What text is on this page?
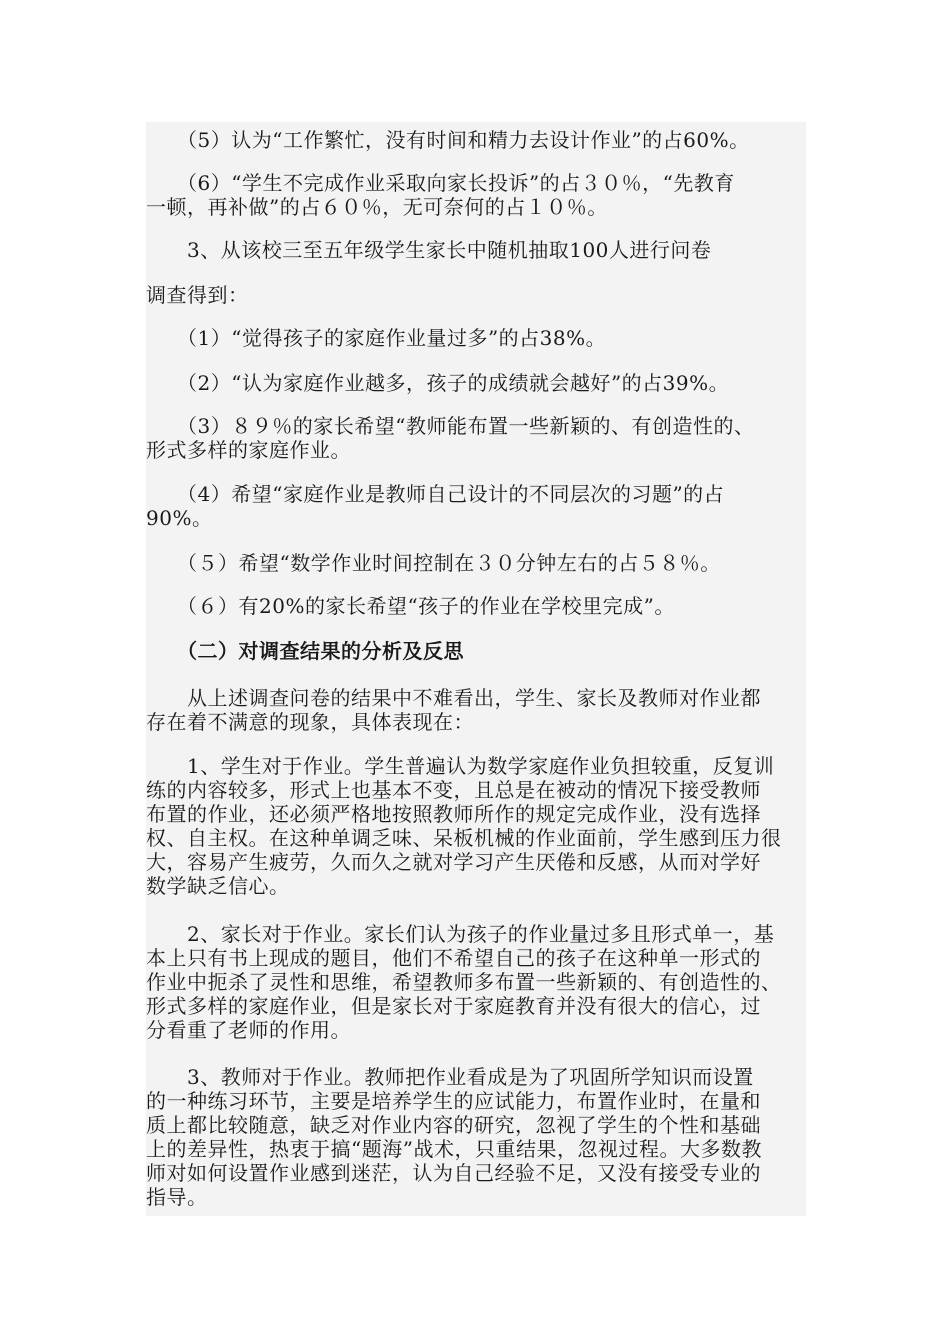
　　（5）认为“工作繁忙，没有时间和精力去设计作业”的占60%。
　　（6）“学生不完成作业采取向家长投诉”的占３０％，“先教育
一顿，再补做”的占６０％，无可奈何的占１０％。
　　3、从该校三至五年级学生家长中随机抽取100人进行问卷
调查得到：
　　（1）“觉得孩子的家庭作业量过多”的占38%。
　　（2）“认为家庭作业越多，孩子的成绩就会越好”的占39%。
　　（3）８９％的家长希望“教师能布置一些新颖的、有创造性的、
形式多样的家庭作业。
　　（4）希望“家庭作业是教师自己设计的不同层次的习题”的占
90%。
　　（５）希望“数学作业时间控制在３０分钟左右的占５８％。
　　（６）有20%的家长希望“孩子的作业在学校里完成”。
　　（二）对调查结果的分析及反思
　　从上述调查问卷的结果中不难看出，学生、家长及教师对作业都
存在着不满意的现象，具体表现在：
　　1、学生对于作业。学生普遍认为数学家庭作业负担较重，反复训
练的内容较多，形式上也基本不变，且总是在被动的情况下接受教师
布置的作业，还必须严格地按照教师所作的规定完成作业，没有选择
权、自主权。在这种单调乏味、呆板机械的作业面前，学生感到压力很
大，容易产生疲劳，久而久之就对学习产生厌倦和反感，从而对学好
数学缺乏信心。
　　2、家长对于作业。家长们认为孩子的作业量过多且形式单一，基
本上只有书上现成的题目，他们不希望自己的孩子在这种单一形式的
作业中扼杀了灵性和思维，希望教师多布置一些新颖的、有创造性的、
形式多样的家庭作业，但是家长对于家庭教育并没有很大的信心，过
分看重了老师的作用。
　　3、教师对于作业。教师把作业看成是为了巩固所学知识而设置
的一种练习环节，主要是培养学生的应试能力，布置作业时，在量和
质上都比较随意，缺乏对作业内容的研究，忽视了学生的个性和基础
上的差异性，热衷于搞“题海”战术，只重结果，忽视过程。大多数教
师对如何设置作业感到迷茫，认为自己经验不足，又没有接受专业的
指导。
